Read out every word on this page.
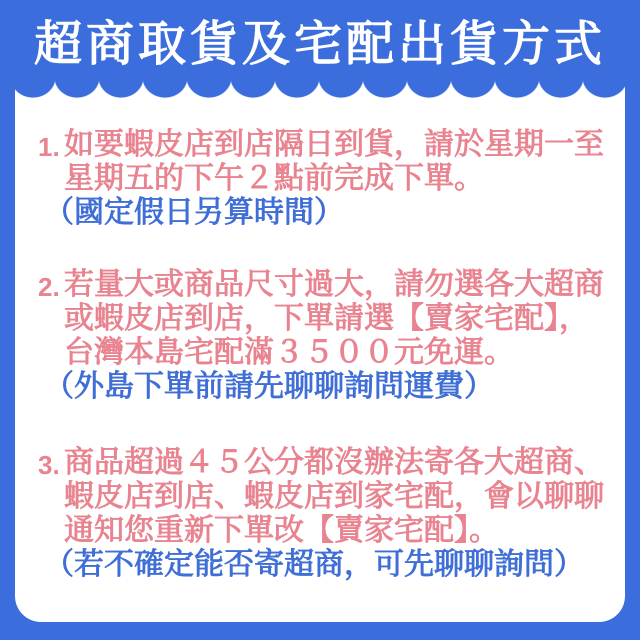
超商取貨及宅配出貨方式
1. 如要蝦皮店到店隔日到貨，請於星期一至
星期五的下午２點前完成下單。
（國定假日另算時間）
2. 若量大或商品尺寸過大，請勿選各大超商
或蝦皮店到店，下單請選【賣家宅配】，
台灣本島宅配滿３５００元免運。
（外島下單前請先聊聊詢問運費）
3. 商品超過４５公分都沒辦法寄各大超商、
蝦皮店到店、蝦皮店到家宅配，會以聊聊
通知您重新下單改【賣家宅配】。
（若不確定能否寄超商，可先聊聊詢問）
